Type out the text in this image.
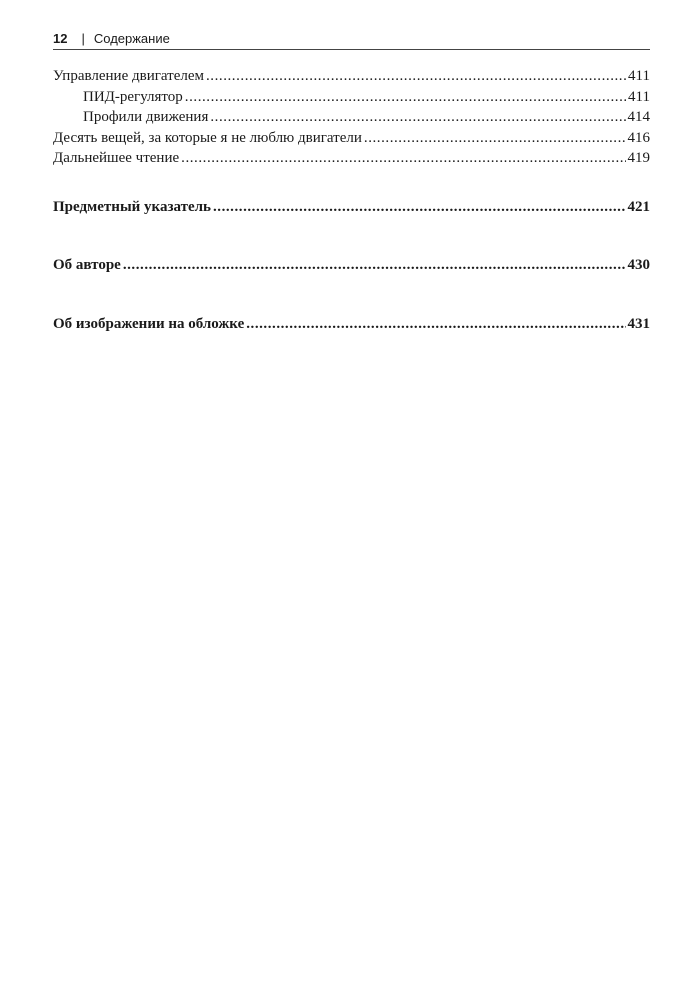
12 | Содержание
Управление двигателем . . .	411
ПИД-регулятор . . .	411
Профили движения . . .	414
Десять вещей, за которые я не люблю двигатели . . .	416
Дальнейшее чтение . . .	419
Предметный указатель . . .	421
Об авторе . . .	430
Об изображении на обложке . . .	431
